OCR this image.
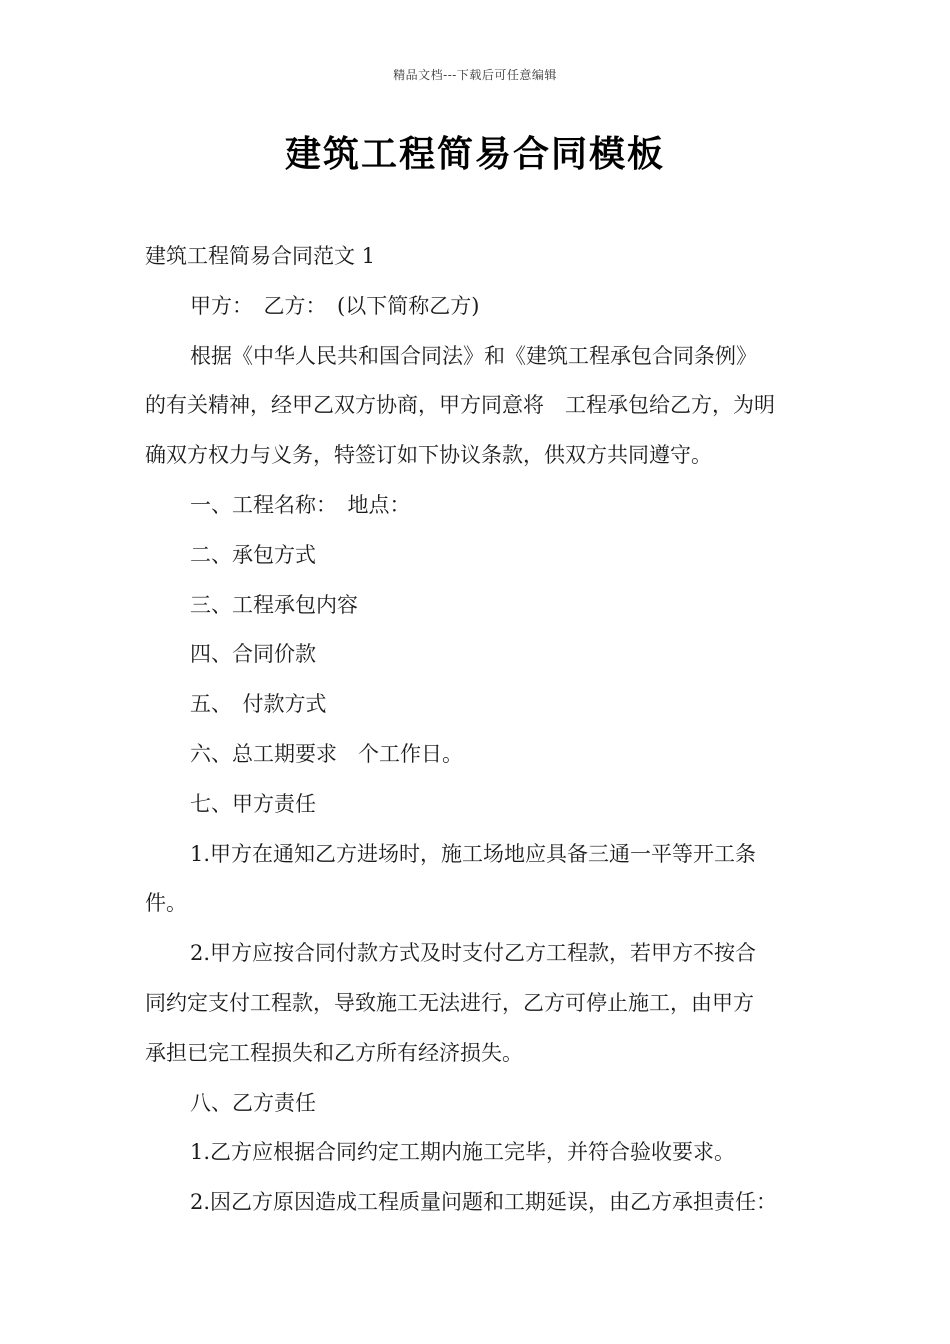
精品文档---下载后可任意编辑
建筑工程简易合同模板

建筑工程简易合同范文 1

甲方：　乙方：　(以下简称乙方)

根据《中华人民共和国合同法》和《建筑工程承包合同条例》

的有关精神，经甲乙双方协商，甲方同意将　工程承包给乙方，为明

确双方权力与义务，特签订如下协议条款，供双方共同遵守。

一、工程名称：　地点：

二、承包方式

三、工程承包内容

四、合同价款

五、　付款方式

六、总工期要求　个工作日。

七、甲方责任

1.甲方在通知乙方进场时，施工场地应具备三通一平等开工条

件。

2.甲方应按合同付款方式及时支付乙方工程款，若甲方不按合

同约定支付工程款，导致施工无法进行，乙方可停止施工，由甲方

承担已完工程损失和乙方所有经济损失。

八、乙方责任

1.乙方应根据合同约定工期内施工完毕，并符合验收要求。

2.因乙方原因造成工程质量问题和工期延误，由乙方承担责任：
